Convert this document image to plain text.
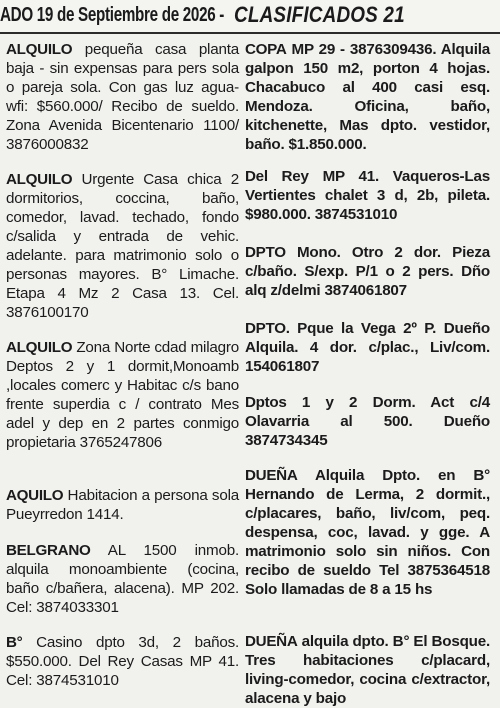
ADO 19 de Septiembre de 2026 - CLASIFICADOS 21

ALQUILO pequeña casa planta baja - sin expensas para pers sola o pareja sola. Con gas luz agua-wfi: $560.000/ Recibo de sueldo. Zona Avenida Bicentenario 1100/ 3876000832

ALQUILO Urgente Casa chica 2 dormitorios, coccina, baño, comedor, lavad. techado, fondo c/salida y entrada de vehic. adelante. para matrimonio solo o personas mayores. B° Limache. Etapa 4 Mz 2 Casa 13. Cel. 3876100170

ALQUILO Zona Norte cdad milagro Deptos 2 y 1 dormit,Monoamb ,locales comerc y Habitac c/s bano frente superdia c / contrato Mes adel y dep en 2 partes conmigo propietaria 3765247806

AQUILO Habitacion a persona sola Pueyrredon 1414.

BELGRANO AL 1500 inmob. alquila monoambiente (cocina, baño c/bañera, alacena). MP 202. Cel: 3874033301

B° Casino dpto 3d, 2 baños. $550.000. Del Rey Casas MP 41. Cel: 3874531010

COPA MP 29 - 3876309436. Alquila galpon 150 m2, porton 4 hojas. Chacabuco al 400 casi esq. Mendoza. Oficina, baño, kitchenette, Mas dpto. vestidor, baño. $1.850.000.

Del Rey MP 41. Vaqueros-Las Vertientes chalet 3 d, 2b, pileta. $980.000. 3874531010

DPTO Mono. Otro 2 dor. Pieza c/baño. S/exp. P/1 o 2 pers. Dño alq z/delmi 3874061807

DPTO. Pque la Vega 2º P. Dueño Alquila. 4 dor. c/plac., Liv/com. 154061807

Dptos 1 y 2 Dorm. Act c/4 Olavarria al 500. Dueño 3874734345

DUEÑA Alquila Dpto. en B° Hernando de Lerma, 2 dormit., c/placares, baño, liv/com, peq. despensa, coc, lavad. y gge. A matrimonio solo sin niños. Con recibo de sueldo Tel 3875364518 Solo llamadas de 8 a 15 hs

DUEÑA alquila dpto. B° El Bosque. Tres habitaciones c/placard, living-comedor, cocina c/extractor, alacena y bajo
